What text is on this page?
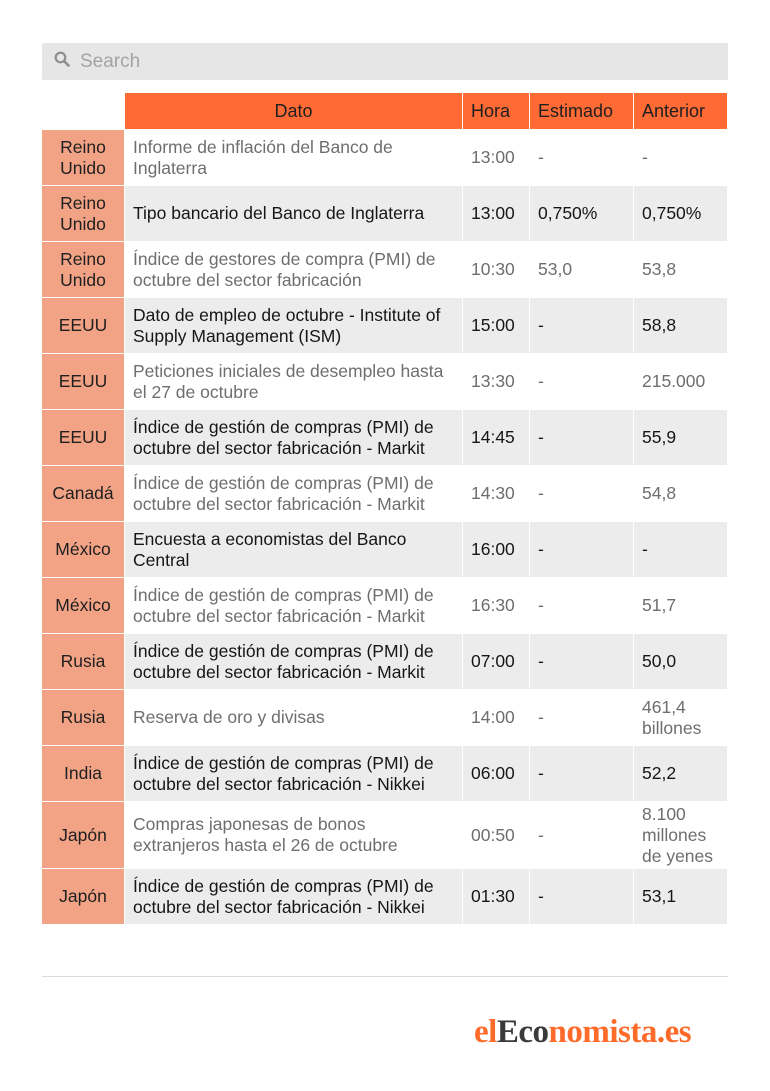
Search
	Dato	Hora	Estimado	Anterior
Reino Unido	Informe de inflación del Banco de Inglaterra	13:00	-	-
Reino Unido	Tipo bancario del Banco de Inglaterra	13:00	0,750%	0,750%
Reino Unido	Índice de gestores de compra (PMI) de octubre del sector fabricación	10:30	53,0	53,8
EEUU	Dato de empleo de octubre - Institute of Supply Management (ISM)	15:00	-	58,8
EEUU	Peticiones iniciales de desempleo hasta el 27 de octubre	13:30	-	215.000
EEUU	Índice de gestión de compras (PMI) de octubre del sector fabricación - Markit	14:45	-	55,9
Canadá	Índice de gestión de compras (PMI) de octubre del sector fabricación - Markit	14:30	-	54,8
México	Encuesta a economistas del Banco Central	16:00	-	-
México	Índice de gestión de compras (PMI) de octubre del sector fabricación - Markit	16:30	-	51,7
Rusia	Índice de gestión de compras (PMI) de octubre del sector fabricación - Markit	07:00	-	50,0
Rusia	Reserva de oro y divisas	14:00	-	461,4 billones
India	Índice de gestión de compras (PMI) de octubre del sector fabricación - Nikkei	06:00	-	52,2
Japón	Compras japonesas de bonos extranjeros hasta el 26 de octubre	00:50	-	8.100 millones de yenes
Japón	Índice de gestión de compras (PMI) de octubre del sector fabricación - Nikkei	01:30	-	53,1
elEconomista.es
